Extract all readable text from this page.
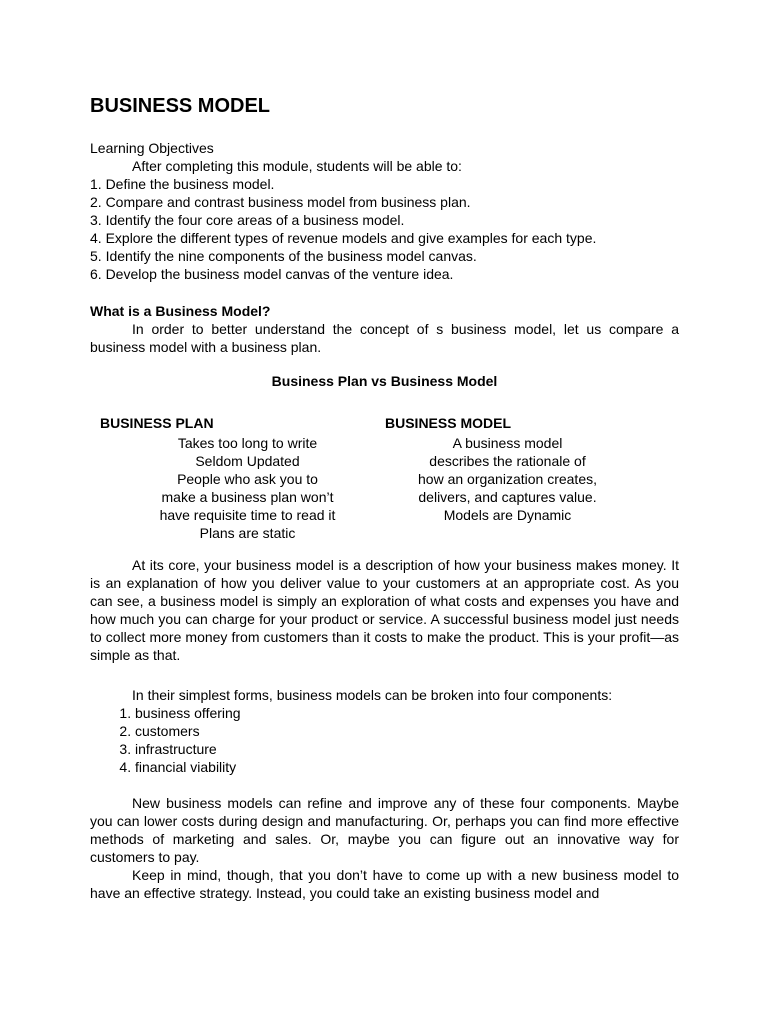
BUSINESS MODEL

Learning Objectives

After completing this module, students will be able to:

1. Define the business model.

2. Compare and contrast business model from business plan.

3. Identify the four core areas of a business model.

4. Explore the different types of revenue models and give examples for each type.

5. Identify the nine components of the business model canvas.

6. Develop the business model canvas of the venture idea.

What is a Business Model?

In order to better understand the concept of s business model, let us compare a business model with a business plan.

Business Plan vs Business Model

BUSINESS PLAN

Takes too long to write
Seldom Updated
People who ask you to
make a business plan won’t
have requisite time to read it
Plans are static

BUSINESS MODEL

A business model
describes the rationale of
how an organization creates,
delivers, and captures value.
Models are Dynamic

At its core, your business model is a description of how your business makes money. It is an explanation of how you deliver value to your customers at an appropriate cost. As you can see, a business model is simply an exploration of what costs and expenses you have and how much you can charge for your product or service. A successful business model just needs to collect more money from customers than it costs to make the product. This is your profit—as simple as that.

In their simplest forms, business models can be broken into four components:

1. business offering
2. customers
3. infrastructure
4. financial viability

New business models can refine and improve any of these four components. Maybe you can lower costs during design and manufacturing. Or, perhaps you can find more effective methods of marketing and sales. Or, maybe you can figure out an innovative way for customers to pay.

Keep in mind, though, that you don’t have to come up with a new business model to have an effective strategy. Instead, you could take an existing business model and
